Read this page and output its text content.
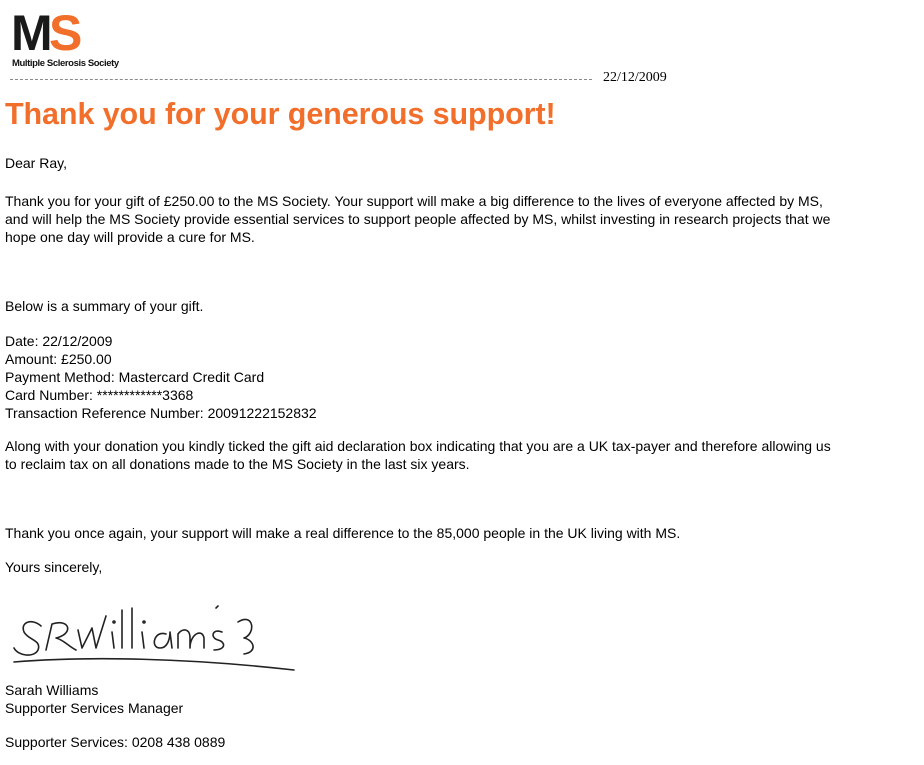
M
S
Multiple Sclerosis Society
22/12/2009
Thank you for your generous support!
Dear Ray,
Thank you for your gift of £250.00 to the MS Society. Your support will make a big difference to the lives of everyone affected by MS,
and will help the MS Society provide essential services to support people affected by MS, whilst investing in research projects that we
hope one day will provide a cure for MS.
Below is a summary of your gift.
Date: 22/12/2009
Amount: £250.00
Payment Method: Mastercard Credit Card
Card Number: ************3368
Transaction Reference Number: 20091222152832
Along with your donation you kindly ticked the gift aid declaration box indicating that you are a UK tax-payer and therefore allowing us
to reclaim tax on all donations made to the MS Society in the last six years.
Thank you once again, your support will make a real difference to the 85,000 people in the UK living with MS.
Yours sincerely,
Sarah Williams
Supporter Services Manager
Supporter Services: 0208 438 0889
